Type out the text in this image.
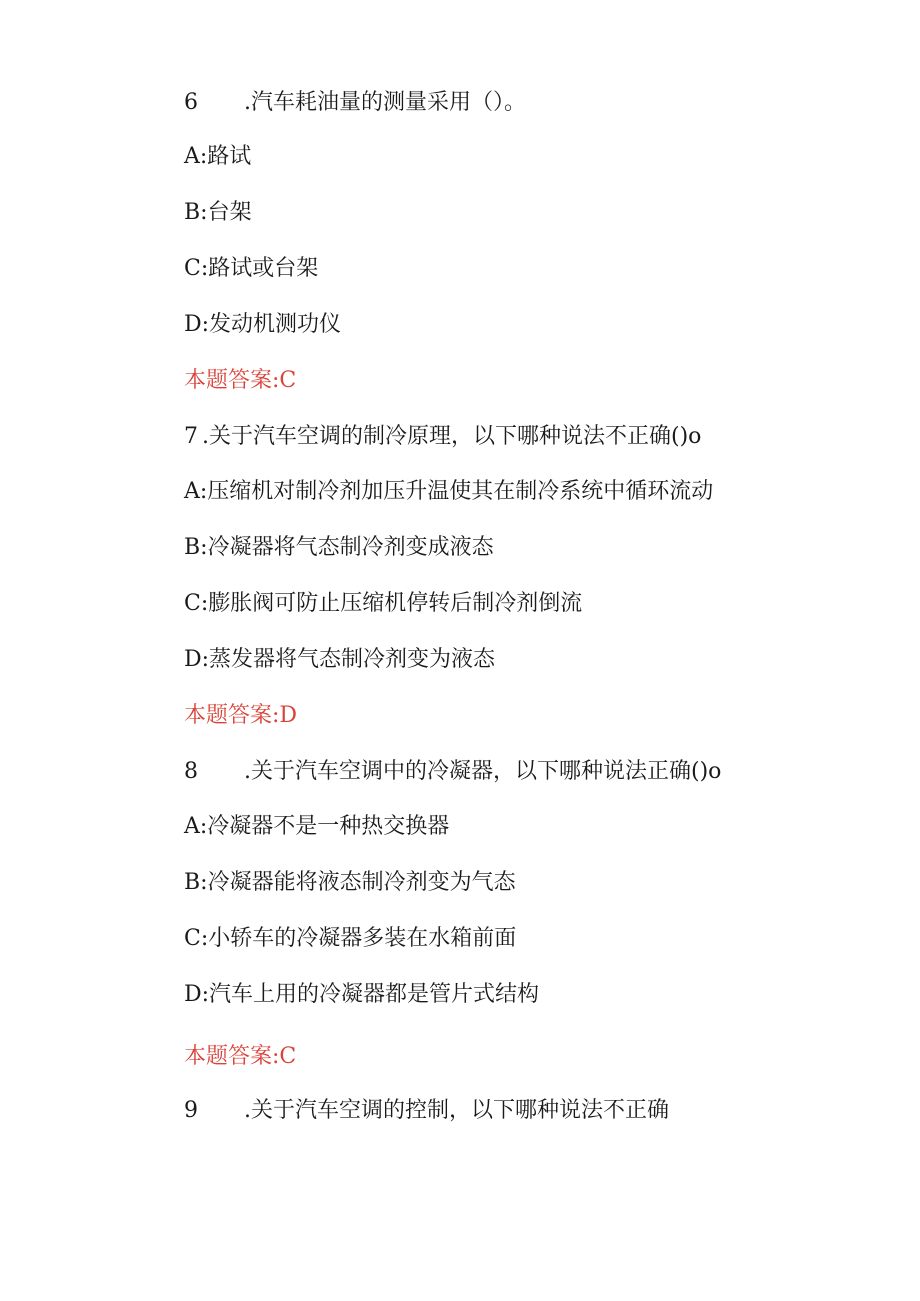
6 .汽车耗油量的测量采用（）。
A:路试
B:台架
C:路试或台架
D:发动机测功仪
本题答案:C
7 .关于汽车空调的制冷原理，以下哪种说法不正确()o
A:压缩机对制冷剂加压升温使其在制冷系统中循环流动
B:冷凝器将气态制冷剂变成液态
C:膨胀阀可防止压缩机停转后制冷剂倒流
D:蒸发器将气态制冷剂变为液态
本题答案:D
8 .关于汽车空调中的冷凝器，以下哪种说法正确()o
A:冷凝器不是一种热交换器
B:冷凝器能将液态制冷剂变为气态
C:小轿车的冷凝器多装在水箱前面
D:汽车上用的冷凝器都是管片式结构
本题答案:C
9 .关于汽车空调的控制，以下哪种说法不正确
